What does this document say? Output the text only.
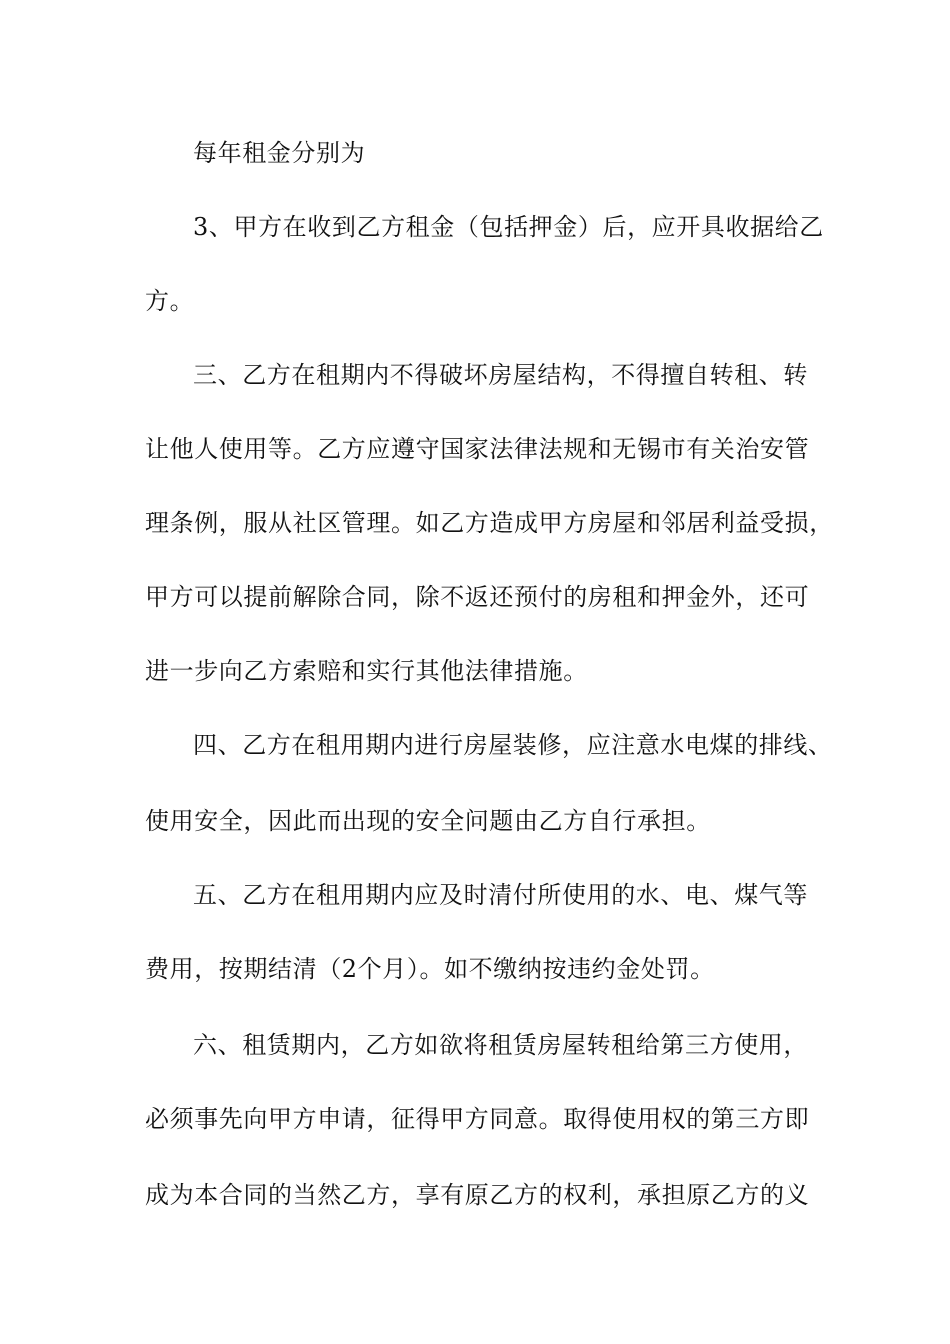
每年租金分别为
3、甲方在收到乙方租金（包括押金）后，应开具收据给乙
方。
三、乙方在租期内不得破坏房屋结构，不得擅自转租、转
让他人使用等。乙方应遵守国家法律法规和无锡市有关治安管
理条例，服从社区管理。如乙方造成甲方房屋和邻居利益受损，
甲方可以提前解除合同，除不返还预付的房租和押金外，还可
进一步向乙方索赔和实行其他法律措施。
四、乙方在租用期内进行房屋装修，应注意水电煤的排线、
使用安全，因此而出现的安全问题由乙方自行承担。
五、乙方在租用期内应及时清付所使用的水、电、煤气等
费用，按期结清（2个月）。如不缴纳按违约金处罚。
六、租赁期内，乙方如欲将租赁房屋转租给第三方使用，
必须事先向甲方申请，征得甲方同意。取得使用权的第三方即
成为本合同的当然乙方，享有原乙方的权利，承担原乙方的义
